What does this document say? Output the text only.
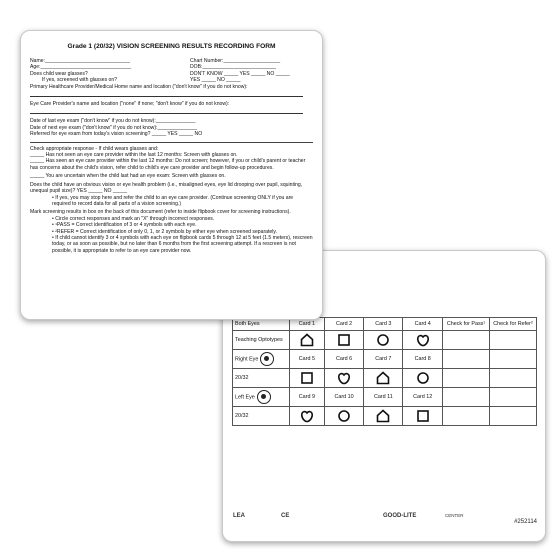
Both Eyes	Card 1	Card 2	Card 3	Card 4	Check for Pass¹	Check for Refer²
Teaching Optotypes						
Right Eye	Card 5	Card 6	Card 7	Card 8		
20/32						
Left Eye	Card 9	Card 10	Card 11	Card 12		
20/32						
LEA	CE	GOOD-LITE	CENTER
#252114
Grade 1 (20/32) VISION SCREENING RESULTS RECORDING FORM
Name:______________________________	Chart Number:____________________
Age:________________________________	DOB:__________________________
Does child wear glasses?	DON'T KNOW _____ YES _____ NO _____
If yes, screened with glasses on?	YES _____ NO _____
Primary Healthcare Provider/Medical Home name and location ("don't know" if you do not know):
Eye Care Provider's name and location ("none" if none; "don't know" if you do not know):
Date of last eye exam ("don't know" if you do not know):______________
Date of next eye exam ("don't know" if you do not know):______________
Referred for eye exam from today's vision screening? _____ YES _____ NO
Check appropriate response - If child wears glasses and:
_____ Has not seen an eye care provider within the last 12 months: Screen with glasses on.
_____ Has seen an eye care provider within the last 12 months: Do not screen; however, if you or child's parent or teacher has concerns about the child's vision, refer child to child's eye care provider and begin follow-up procedures.
_____ You are uncertain when the child last had an eye exam: Screen with glasses on.
Does the child have an obvious vision or eye health problem (i.e., misaligned eyes, eye lid drooping over pupil, squinting, unequal pupil size)? YES _____ NO _____
• If yes, you may stop here and refer the child to an eye care provider. (Continue screening ONLY if you are required to record data for all parts of a vision screening.)
Mark screening results in box on the back of this document (refer to inside flipbook cover for screening instructions).
• Circle correct responses and mark an "X" through incorrect responses.
• ¹PASS = Correct identification of 3 or 4 symbols with each eye.
• ²REFER = Correct identification of only 0, 1, or 2 symbols by either eye when screened separately.
• If child cannot identify 3 or 4 symbols with each eye on flipbook cards 5 through 12 at 5 feet (1.5 meters), rescreen today, or as soon as possible, but no later than 6 months from the first screening attempt. If a rescreen is not possible, it is appropriate to refer to an eye care provider now.
